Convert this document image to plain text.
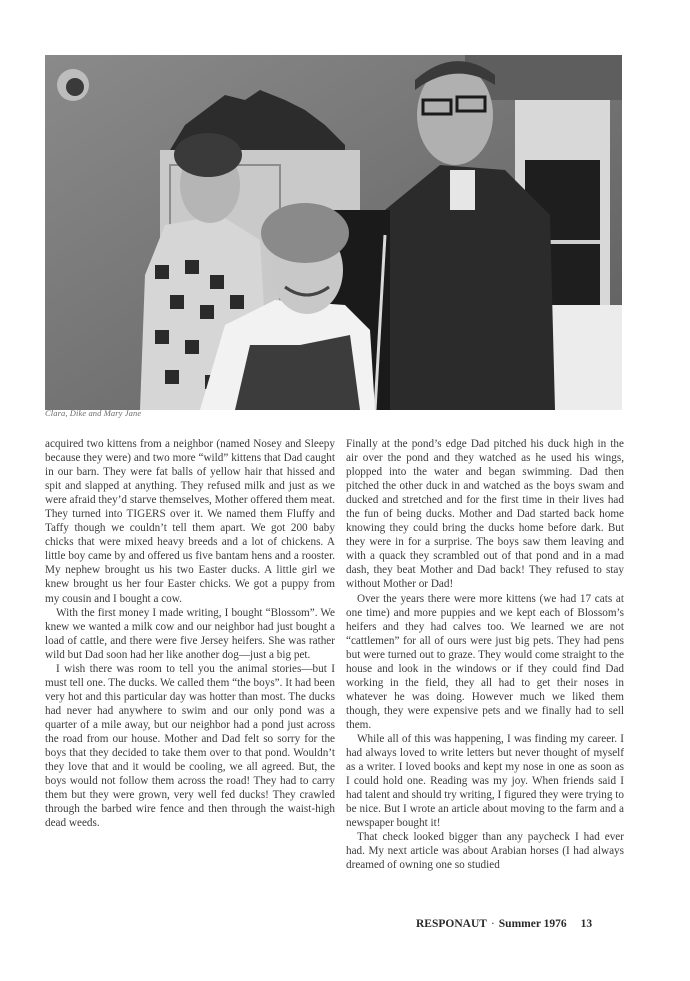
Clara, Dike and Mary Jane

acquired two kittens from a neighbor (named Nosey and Sleepy because they were) and two more “wild” kittens that Dad caught in our barn. They were fat balls of yellow hair that hissed and spit and slapped at anything. They refused milk and just as we were afraid they’d starve themselves, Mother offered them meat. They turned into TIGERS over it. We named them Fluffy and Taffy though we couldn’t tell them apart. We got 200 baby chicks that were mixed heavy breeds and a lot of chickens. A little boy came by and offered us five bantam hens and a rooster. My nephew brought us his two Easter ducks. A little girl we knew brought us her four Easter chicks. We got a puppy from my cousin and I bought a cow.

With the first money I made writing, I bought “Blossom”. We knew we wanted a milk cow and our neighbor had just bought a load of cattle, and there were five Jersey heifers. She was rather wild but Dad soon had her like another dog—just a big pet.

I wish there was room to tell you the animal stories—but I must tell one. The ducks. We called them “the boys”. It had been very hot and this particular day was hotter than most. The ducks had never had anywhere to swim and our only pond was a quarter of a mile away, but our neighbor had a pond just across the road from our house. Mother and Dad felt so sorry for the boys that they decided to take them over to that pond. Wouldn’t they love that and it would be cooling, we all agreed. But, the boys would not follow them across the road! They had to carry them but they were grown, very well fed ducks! They crawled through the barbed wire fence and then through the waist-high dead weeds.

Finally at the pond’s edge Dad pitched his duck high in the air over the pond and they watched as he used his wings, plopped into the water and began swimming. Dad then pitched the other duck in and watched as the boys swam and ducked and stretched and for the first time in their lives had the fun of being ducks. Mother and Dad started back home knowing they could bring the ducks home before dark. But they were in for a surprise. The boys saw them leaving and with a quack they scrambled out of that pond and in a mad dash, they beat Mother and Dad back! They refused to stay without Mother or Dad!

Over the years there were more kittens (we had 17 cats at one time) and more puppies and we kept each of Blossom’s heifers and they had calves too. We learned we are not “cattlemen” for all of ours were just big pets. They had pens but were turned out to graze. They would come straight to the house and look in the windows or if they could find Dad working in the field, they all had to get their noses in whatever he was doing. However much we liked them though, they were expensive pets and we finally had to sell them.

While all of this was happening, I was finding my career. I had always loved to write letters but never thought of myself as a writer. I loved books and kept my nose in one as soon as I could hold one. Reading was my joy. When friends said I had talent and should try writing, I figured they were trying to be nice. But I wrote an article about moving to the farm and a newspaper bought it!

That check looked bigger than any paycheck I had ever had. My next article was about Arabian horses (I had always dreamed of owning one so studied

RESPONAUT · Summer 1976 13
